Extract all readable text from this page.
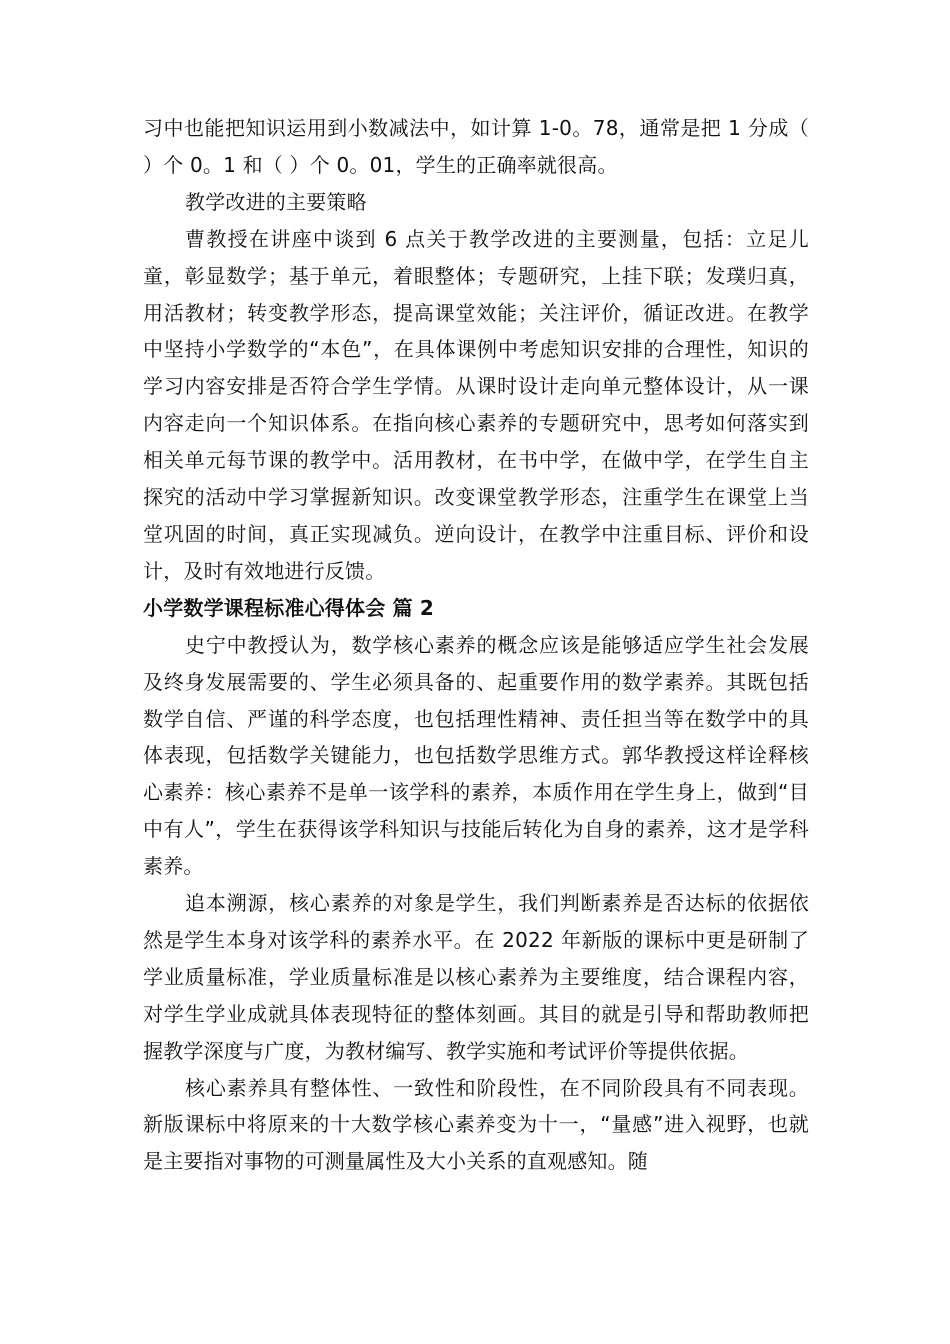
习中也能把知识运用到小数减法中，如计算 1-0。78，通常是把 1 分成（ ）个 0。1 和（ ）个 0。01，学生的正确率就很高。

教学改进的主要策略

曹教授在讲座中谈到 6 点关于教学改进的主要测量，包括：立足儿童，彰显数学；基于单元，着眼整体；专题研究，上挂下联；发璞归真，用活教材；转变教学形态，提高课堂效能；关注评价，循证改进。在教学中坚持小学数学的“本色”，在具体课例中考虑知识安排的合理性，知识的学习内容安排是否符合学生学情。从课时设计走向单元整体设计，从一课内容走向一个知识体系。在指向核心素养的专题研究中，思考如何落实到相关单元每节课的教学中。活用教材，在书中学，在做中学，在学生自主探究的活动中学习掌握新知识。改变课堂教学形态，注重学生在课堂上当堂巩固的时间，真正实现减负。逆向设计，在教学中注重目标、评价和设计，及时有效地进行反馈。

小学数学课程标准心得体会 篇 2

史宁中教授认为，数学核心素养的概念应该是能够适应学生社会发展及终身发展需要的、学生必须具备的、起重要作用的数学素养。其既包括数学自信、严谨的科学态度，也包括理性精神、责任担当等在数学中的具体表现，包括数学关键能力，也包括数学思维方式。郭华教授这样诠释核心素养：核心素养不是单一该学科的素养，本质作用在学生身上，做到“目中有人”，学生在获得该学科知识与技能后转化为自身的素养，这才是学科素养。

追本溯源，核心素养的对象是学生，我们判断素养是否达标的依据依然是学生本身对该学科的素养水平。在 2022 年新版的课标中更是研制了学业质量标准，学业质量标准是以核心素养为主要维度，结合课程内容，对学生学业成就具体表现特征的整体刻画。其目的就是引导和帮助教师把握教学深度与广度，为教材编写、教学实施和考试评价等提供依据。

核心素养具有整体性、一致性和阶段性，在不同阶段具有不同表现。新版课标中将原来的十大数学核心素养变为十一，“量感”进入视野，也就是主要指对事物的可测量属性及大小关系的直观感知。随
